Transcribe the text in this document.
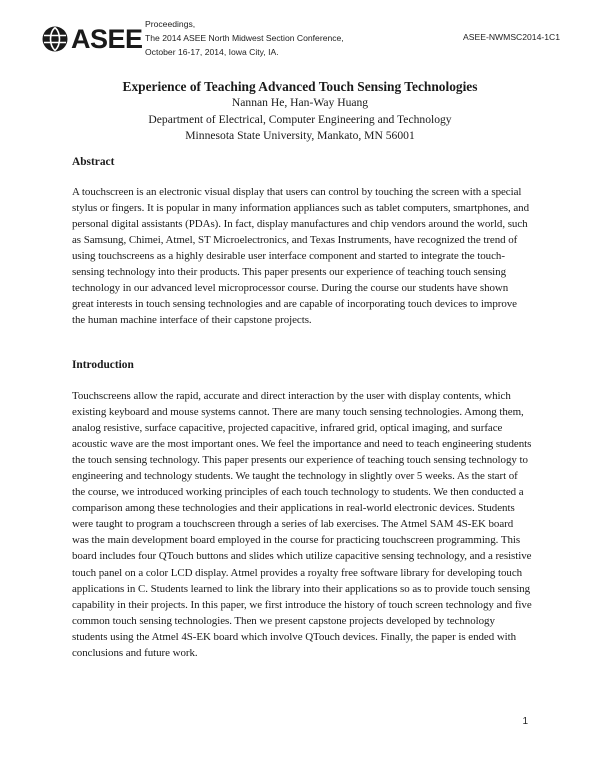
ASEE Proceedings,
The 2014 ASEE North Midwest Section Conference,
October 16-17, 2014, Iowa City, IA.
ASEE-NWMSC2014-1C1
Experience of Teaching Advanced Touch Sensing Technologies
Nannan He, Han-Way Huang
Department of Electrical, Computer Engineering and Technology
Minnesota State University, Mankato, MN 56001
Abstract

A touchscreen is an electronic visual display that users can control by touching the screen with a special stylus or fingers. It is popular in many information appliances such as tablet computers, smartphones, and personal digital assistants (PDAs). In fact, display manufactures and chip vendors around the world, such as Samsung, Chimei, Atmel, ST Microelectronics, and Texas Instruments, have recognized the trend of using touchscreens as a highly desirable user interface component and started to integrate the touch-sensing technology into their products. This paper presents our experience of teaching touch sensing technology in our advanced level microprocessor course. During the course our students have shown great interests in touch sensing technologies and are capable of incorporating touch devices to improve the human machine interface of their capstone projects.

Introduction

Touchscreens allow the rapid, accurate and direct interaction by the user with display contents, which existing keyboard and mouse systems cannot. There are many touch sensing technologies. Among them, analog resistive, surface capacitive, projected capacitive, infrared grid, optical imaging, and surface acoustic wave are the most important ones. We feel the importance and need to teach engineering students the touch sensing technology. This paper presents our experience of teaching touch sensing technology to engineering and technology students. We taught the technology in slightly over 5 weeks. As the start of the course, we introduced working principles of each touch technology to students. We then conducted a comparison among these technologies and their applications in real-world electronic devices. Students were taught to program a touchscreen through a series of lab exercises. The Atmel SAM 4S-EK board was the main development board employed in the course for practicing touchscreen programming. This board includes four QTouch buttons and slides which utilize capacitive sensing technology, and a resistive touch panel on a color LCD display. Atmel provides a royalty free software library for developing touch applications in C. Students learned to link the library into their applications so as to provide touch sensing capability in their projects. In this paper, we first introduce the history of touch screen technology and five common touch sensing technologies. Then we present capstone projects developed by technology students using the Atmel 4S-EK board which involve QTouch devices. Finally, the paper is ended with conclusions and future work.

1
